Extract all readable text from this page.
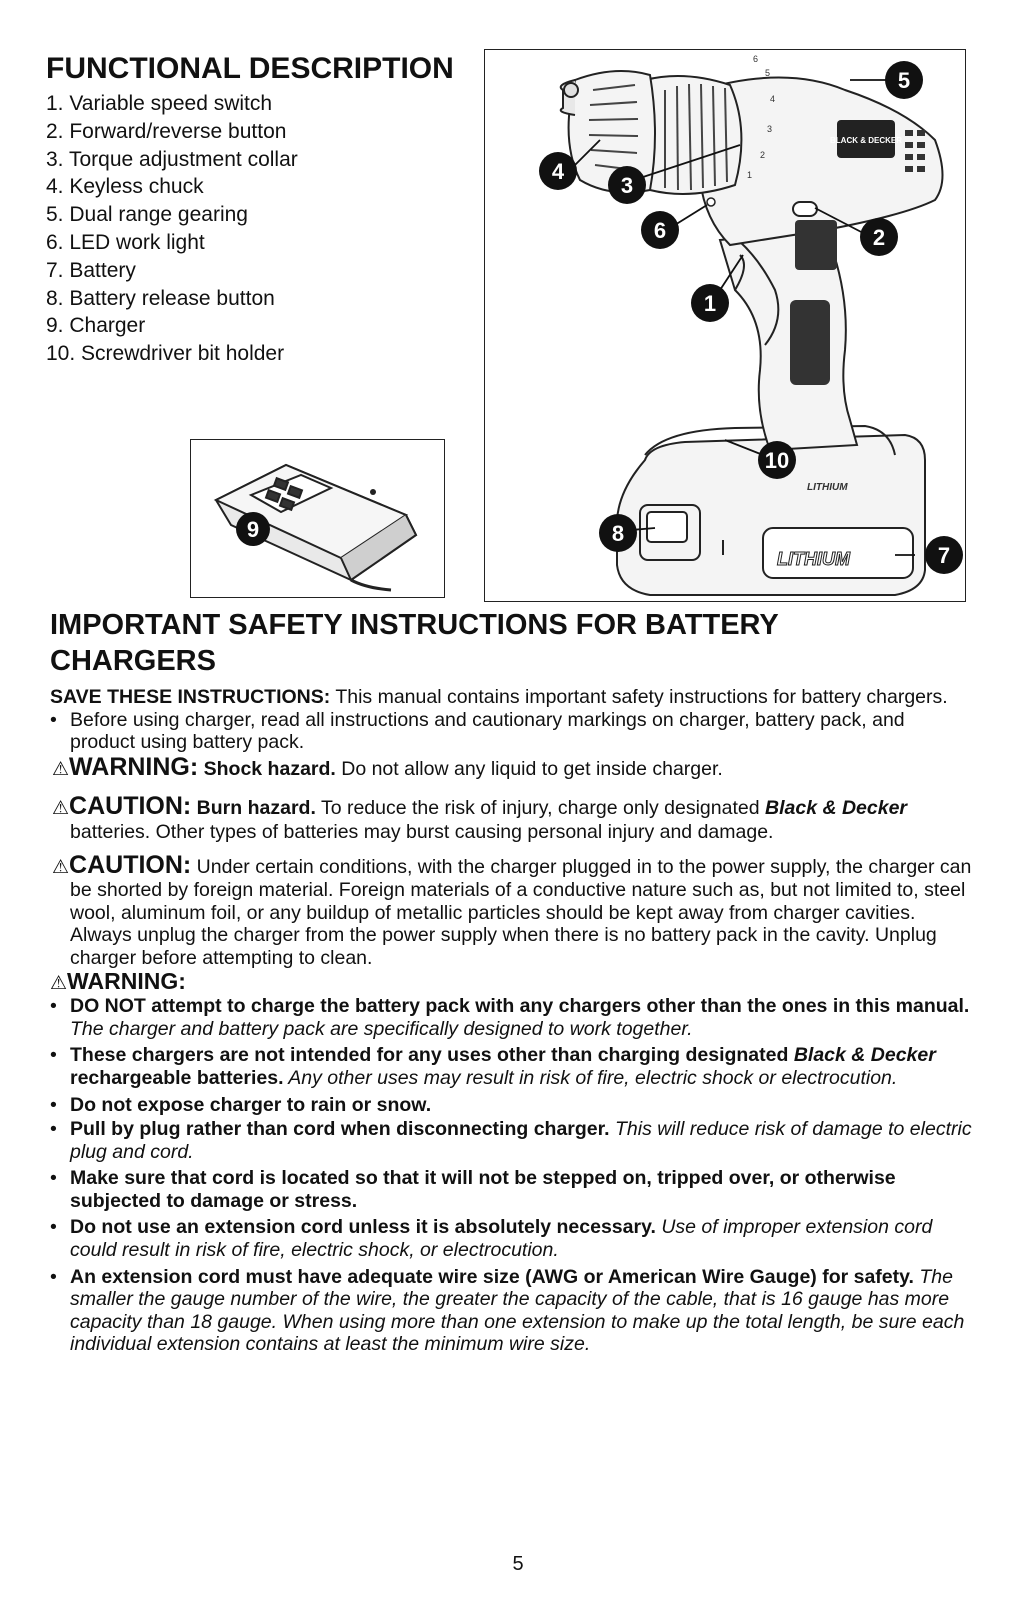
FUNCTIONAL DESCRIPTION
1. Variable speed switch
2. Forward/reverse button
3. Torque adjustment collar
4. Keyless chuck
5. Dual range gearing
6. LED work light
7. Battery
8. Battery release button
9. Charger
10. Screwdriver bit holder
1
2
3
4
5
6
BLACK & DECKER
LITHIUM
LITHIUM
5
4
3
6	2
1
10
8
7
9
IMPORTANT SAFETY INSTRUCTIONS FOR BATTERY
CHARGERS

SAVE THESE INSTRUCTIONS: This manual contains important safety instructions for battery chargers.

• Before using charger, read all instructions and cautionary markings on charger, battery pack, and product using battery pack.

⚠WARNING: Shock hazard. Do not allow any liquid to get inside charger.

⚠CAUTION: Burn hazard. To reduce the risk of injury, charge only designated Black & Decker batteries. Other types of batteries may burst causing personal injury and damage.

⚠CAUTION: Under certain conditions, with the charger plugged in to the power supply, the charger can be shorted by foreign material. Foreign materials of a conductive nature such as, but not limited to, steel wool, aluminum foil, or any buildup of metallic particles should be kept away from charger cavities. Always unplug the charger from the power supply when there is no battery pack in the cavity. Unplug charger before attempting to clean.

⚠WARNING:

• DO NOT attempt to charge the battery pack with any chargers other than the ones in this manual. The charger and battery pack are specifically designed to work together.

• These chargers are not intended for any uses other than charging designated Black & Decker rechargeable batteries. Any other uses may result in risk of fire, electric shock or electrocution.

• Do not expose charger to rain or snow.

• Pull by plug rather than cord when disconnecting charger. This will reduce risk of damage to electric plug and cord.

• Make sure that cord is located so that it will not be stepped on, tripped over, or otherwise subjected to damage or stress.

• Do not use an extension cord unless it is absolutely necessary. Use of improper extension cord could result in risk of fire, electric shock, or electrocution.

• An extension cord must have adequate wire size (AWG or American Wire Gauge) for safety. The smaller the gauge number of the wire, the greater the capacity of the cable, that is 16 gauge has more capacity than 18 gauge. When using more than one extension to make up the total length, be sure each individual extension contains at least the minimum wire size.

5
